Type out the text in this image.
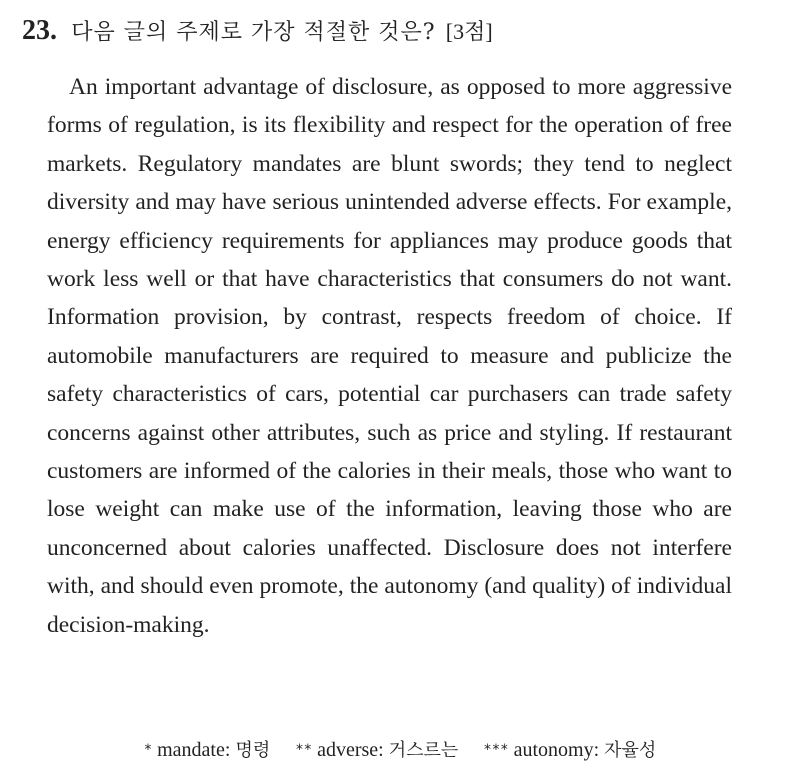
23. 다음 글의 주제로 가장 적절한 것은? [3점]

An important advantage of disclosure, as opposed to more aggressive forms of regulation, is its flexibility and respect for the operation of free markets. Regulatory mandates are blunt swords; they tend to neglect diversity and may have serious unintended adverse effects. For example, energy efficiency requirements for appliances may produce goods that work less well or that have characteristics that consumers do not want. Information provision, by contrast, respects freedom of choice. If automobile manufacturers are required to measure and publicize the safety characteristics of cars, potential car purchasers can trade safety concerns against other attributes, such as price and styling. If restaurant customers are informed of the calories in their meals, those who want to lose weight can make use of the information, leaving those who are unconcerned about calories unaffected. Disclosure does not interfere with, and should even promote, the autonomy (and quality) of individual decision-making.

* mandate: 명령 ** adverse: 거스르는 *** autonomy: 자율성
